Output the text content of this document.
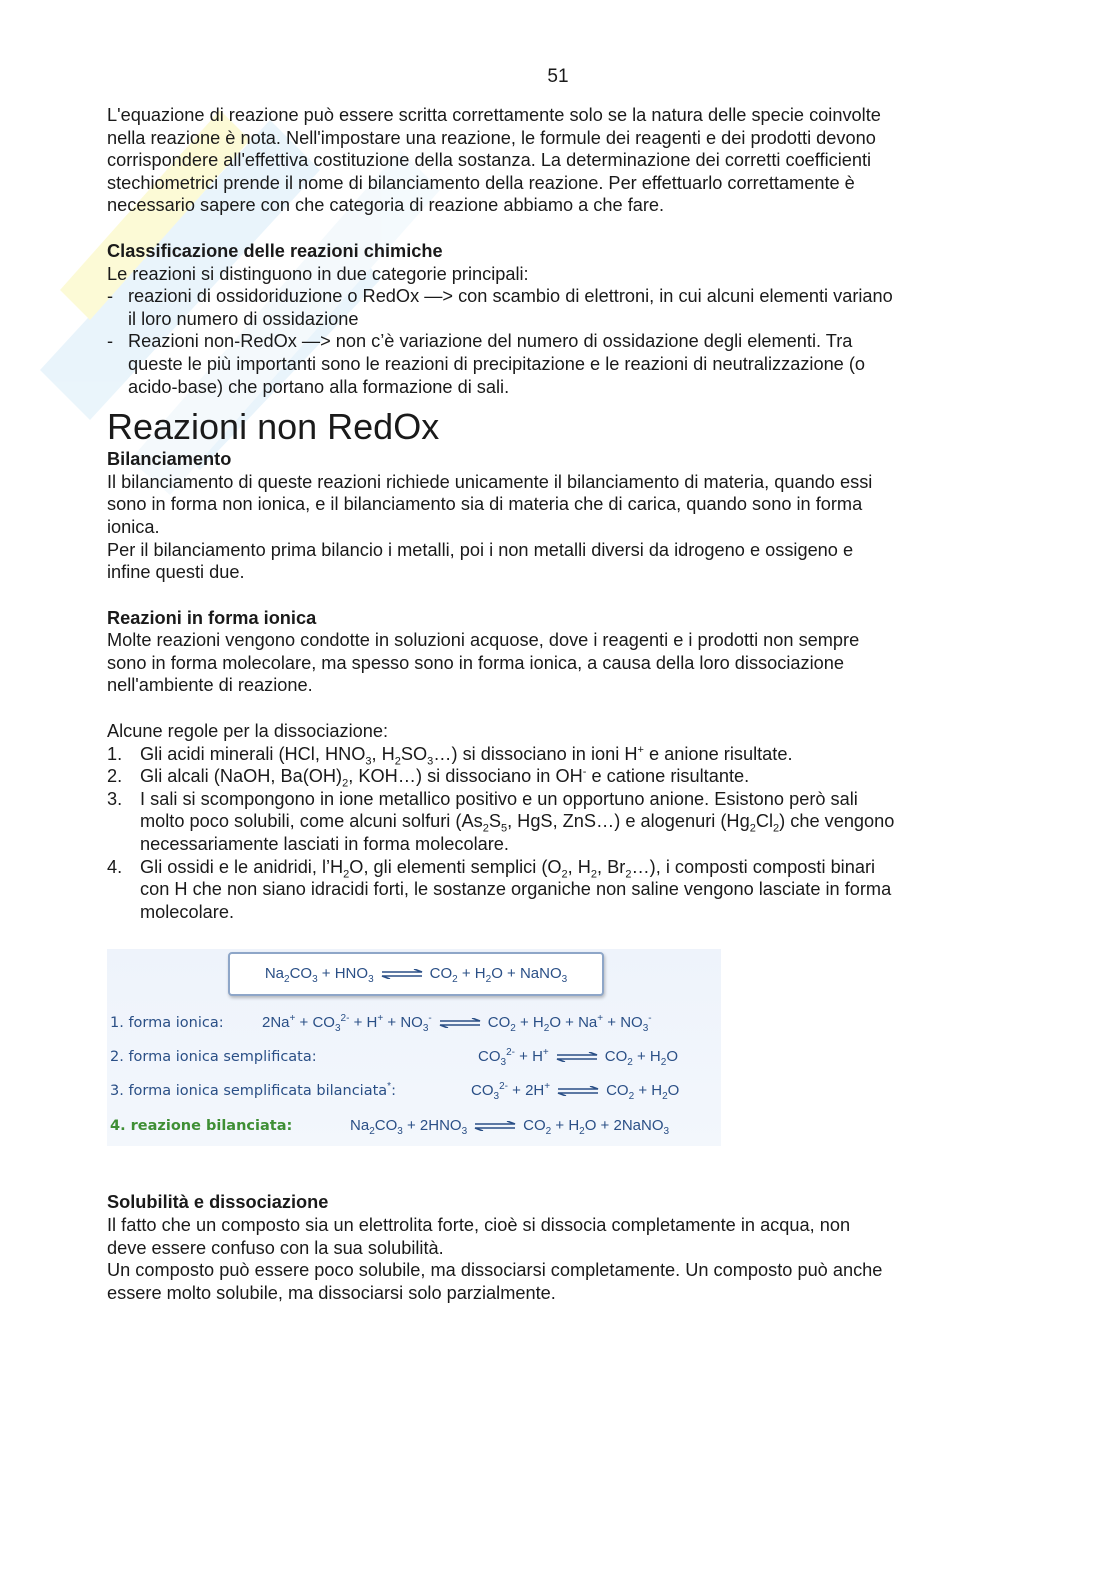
51

L'equazione di reazione può essere scritta correttamente solo se la natura delle specie coinvolte
nella reazione è nota. Nell'impostare una reazione, le formule dei reagenti e dei prodotti devono
corrispondere all'effettiva costituzione della sostanza. La determinazione dei corretti coefficienti
stechiometrici prende il nome di bilanciamento della reazione. Per effettuarlo correttamente è
necessario sapere con che categoria di reazione abbiamo a che fare.

Classificazione delle reazioni chimiche

Le reazioni si distinguono in due categorie principali:

- reazioni di ossidoriduzione o RedOx —> con scambio di elettroni, in cui alcuni elementi variano
il loro numero di ossidazione
- Reazioni non-RedOx —> non c’è variazione del numero di ossidazione degli elementi. Tra
queste le più importanti sono le reazioni di precipitazione e le reazioni di neutralizzazione (o
acido-base) che portano alla formazione di sali.
Reazioni non RedOx
Bilanciamento

Il bilanciamento di queste reazioni richiede unicamente il bilanciamento di materia, quando essi
sono in forma non ionica, e il bilanciamento sia di materia che di carica, quando sono in forma
ionica.
Per il bilanciamento prima bilancio i metalli, poi i non metalli diversi da idrogeno e ossigeno e
infine questi due.

Reazioni in forma ionica

Molte reazioni vengono condotte in soluzioni acquose, dove i reagenti e i prodotti non sempre
sono in forma molecolare, ma spesso sono in forma ionica, a causa della loro dissociazione
nell'ambiente di reazione.

Alcune regole per la dissociazione:

1. Gli acidi minerali (HCl, $HNO_3$, $H_2SO_3\dots$) si dissociano in ioni H+ e anione risultate.
2. Gli alcali (NaOH, $Ba(OH)_2$, KOH…) si dissociano in OH- e catione risultante.
3. I sali si scompongono in ione metallico positivo e un opportuno anione. Esistono però sali
molto poco solubili, come alcuni solfuri ($As_2S_5$, HgS, ZnS…) e alogenuri $(Hg_2Cl_2)$ che vengono
necessariamente lasciati in forma molecolare.
4. Gli ossidi e le anidridi, $l’H_2O$, gli elementi semplici ($O_2$, $H_2$, $Br_2\dots$), i composti composti binari
con H che non siano idracidi forti, le sostanze organiche non saline vengono lasciate in forma
molecolare.
$Na_2CO_3 + HNO_3$ ⇌ $CO_2 + H_2O$ + NaNO$_3$
1. forma ionica:	$2Na^+ + CO_3^{2-} + H^+ + NO_3^-$ ⇌ $CO_2 + H_2O + Na^+ + NO_3^-$
2. forma ionica semplificata:	$CO_3^{2-} + H^+$ ⇌ $CO_2 + H_2O$
3. forma ionica semplificata bilanciata*:	$CO_3^{2-} + 2H^+$ ⇌ $CO_2 + H_2O$
4. reazione bilanciata:	$Na_2CO_3 + 2HNO_3$ ⇌ $CO_2 + H_2O$ + 2NaNO$_3$
Solubilità e dissociazione

Il fatto che un composto sia un elettrolita forte, cioè si dissocia completamente in acqua, non
deve essere confuso con la sua solubilità.
Un composto può essere poco solubile, ma dissociarsi completamente. Un composto può anche
essere molto solubile, ma dissociarsi solo parzialmente.
